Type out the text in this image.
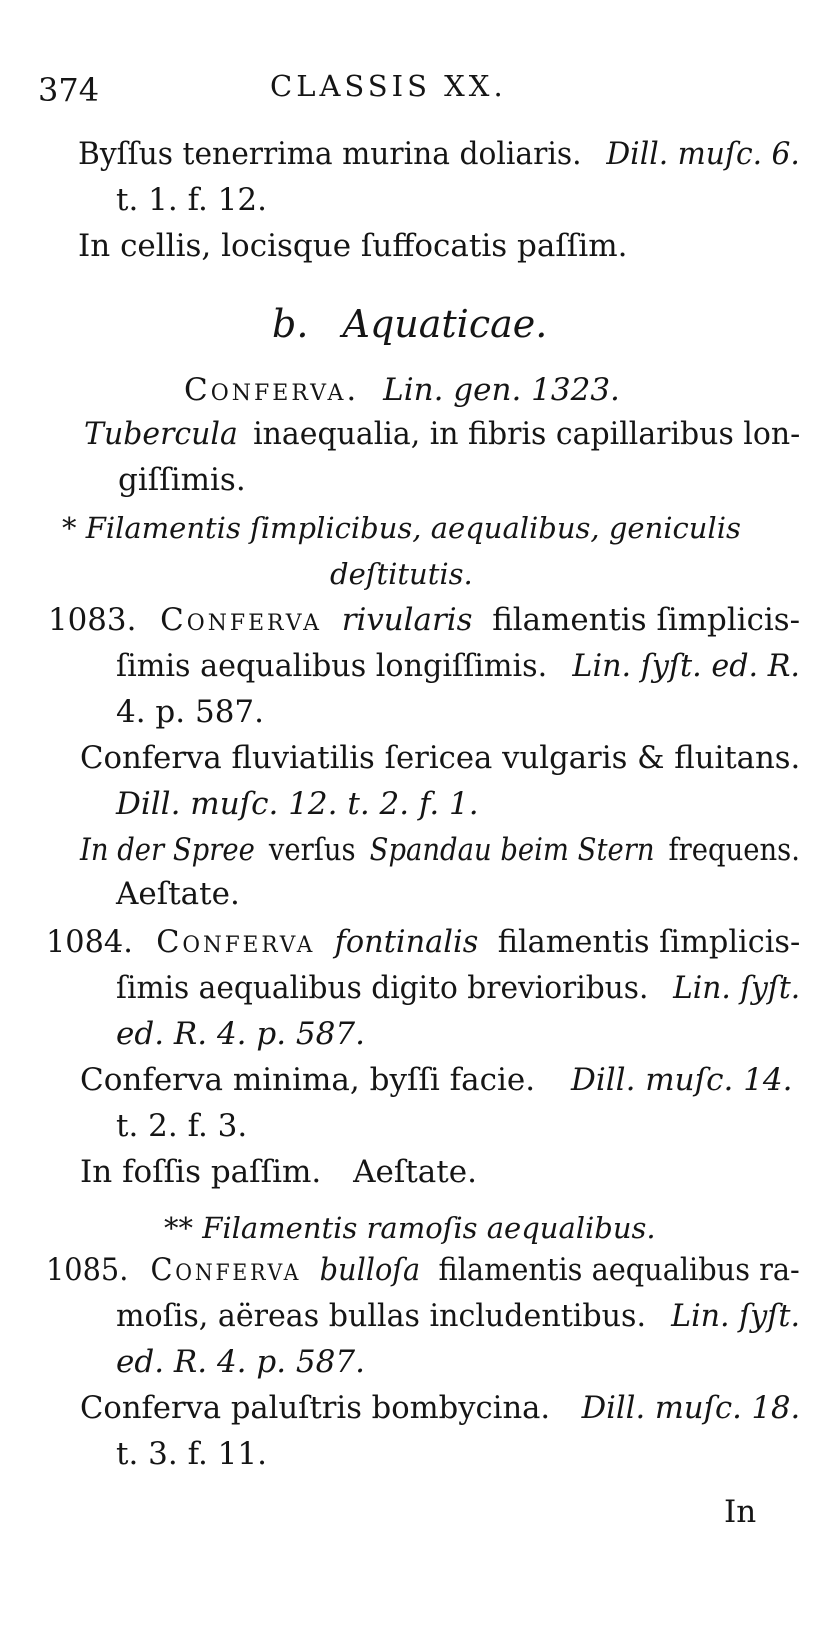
374	CLASSIS XX.
Byſſus tenerrima murina doliaris. Dill. muſc. 6.
t. 1. f. 12.
In cellis, locisque ſuffocatis paſſim.
b. Aquaticae.
Conferva. Lin. gen. 1323.
Tubercula inaequalia, in fibris capillaribus lon-
giſſimis.
* Filamentis ſimplicibus, aequalibus, geniculis
deſtitutis.
1083. Conferva rivularis filamentis ſimplicis-
ſimis aequalibus longiſſimis. Lin. ſyſt. ed. R.
4. p. 587.
Conferva fluviatilis ſericea vulgaris & fluitans.
Dill. muſc. 12. t. 2. f. 1.
In der Spree verſus Spandau beim Stern frequens.
Aeſtate.
1084. Conferva fontinalis filamentis ſimplicis-
ſimis aequalibus digito brevioribus. Lin. ſyſt.
ed. R. 4. p. 587.
Conferva minima, byſſi facie. Dill. muſc. 14.
t. 2. f. 3.
In foſſis paſſim. Aeſtate.
** Filamentis ramoſis aequalibus.
1085. Conferva bulloſa filamentis aequalibus ra-
moſis, aëreas bullas includentibus. Lin. ſyſt.
ed. R. 4. p. 587.
Conferva paluſtris bombycina. Dill. muſc. 18.
t. 3. f. 11.
In
